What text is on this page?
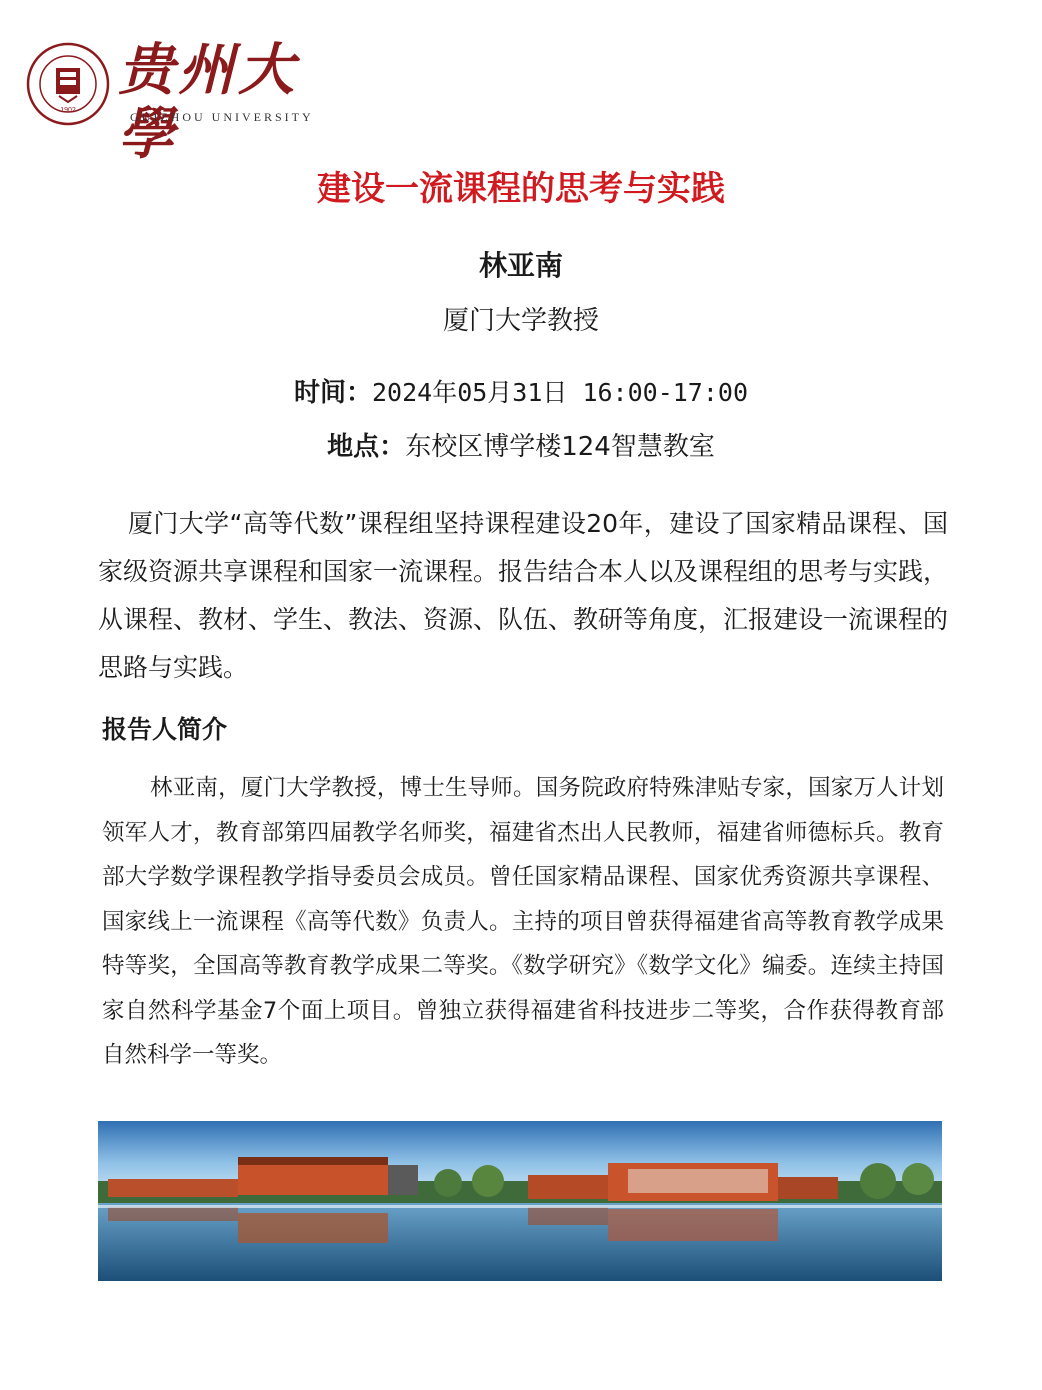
1902
贵州大學
GUIZHOU UNIVERSITY
建设一流课程的思考与实践
林亚南
厦门大学教授
时间：2024年05月31日 16:00-17:00
地点：东校区博学楼124智慧教室
厦门大学“高等代数”课程组坚持课程建设20年，建设了国家精品课程、国家级资源共享课程和国家一流课程。报告结合本人以及课程组的思考与实践，从课程、教材、学生、教法、资源、队伍、教研等角度，汇报建设一流课程的思路与实践。
报告人简介
林亚南，厦门大学教授，博士生导师。国务院政府特殊津贴专家，国家万人计划领军人才，教育部第四届教学名师奖，福建省杰出人民教师，福建省师德标兵。教育部大学数学课程教学指导委员会成员。曾任国家精品课程、国家优秀资源共享课程、国家线上一流课程《高等代数》负责人。主持的项目曾获得福建省高等教育教学成果特等奖，全国高等教育教学成果二等奖。《数学研究》《数学文化》编委。连续主持国家自然科学基金7个面上项目。曾独立获得福建省科技进步二等奖，合作获得教育部自然科学一等奖。
